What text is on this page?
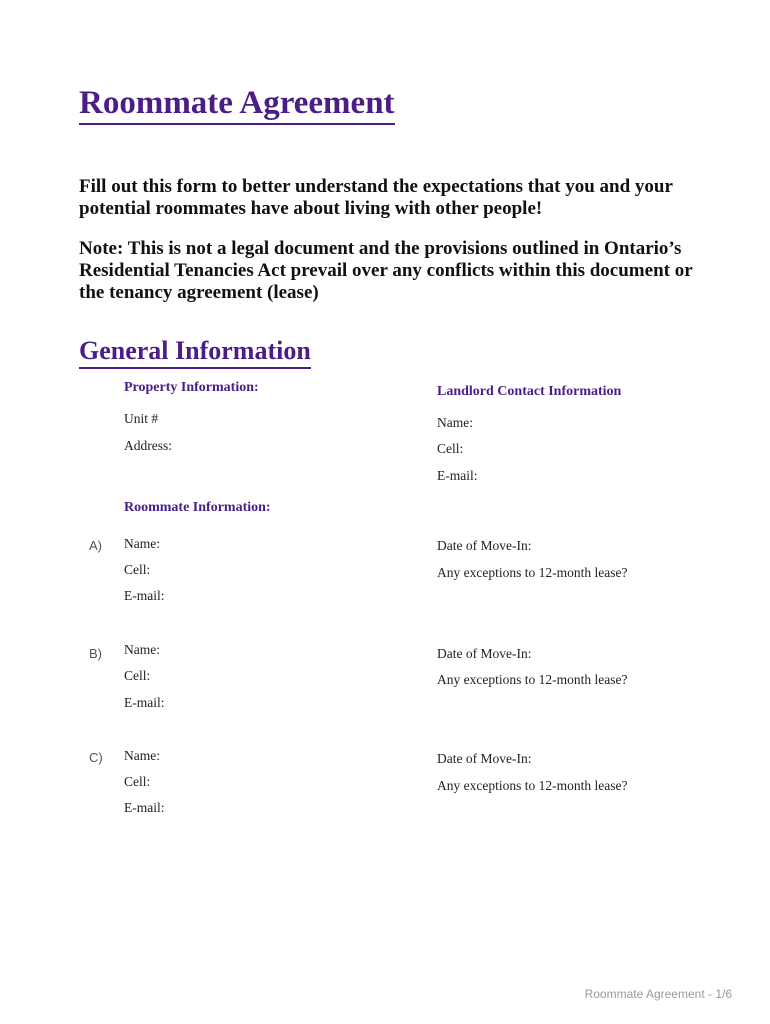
Roommate Agreement

Fill out this form to better understand the expectations that you and your potential roommates have about living with other people!

Note: This is not a legal document and the provisions outlined in Ontario’s Residential Tenancies Act prevail over any conflicts within this document or the tenancy agreement (lease)

General Information

Property Information:

Unit #

Address:

Landlord Contact Information

Name:

Cell:

E-mail:

Roommate Information:

A) Name:

Cell:

E-mail:

Date of Move-In:

Any exceptions to 12-month lease?

B) Name:

Cell:

E-mail:

Date of Move-In:

Any exceptions to 12-month lease?

C) Name:

Cell:

E-mail:

Date of Move-In:

Any exceptions to 12-month lease?

Roommate Agreement - 1/6
